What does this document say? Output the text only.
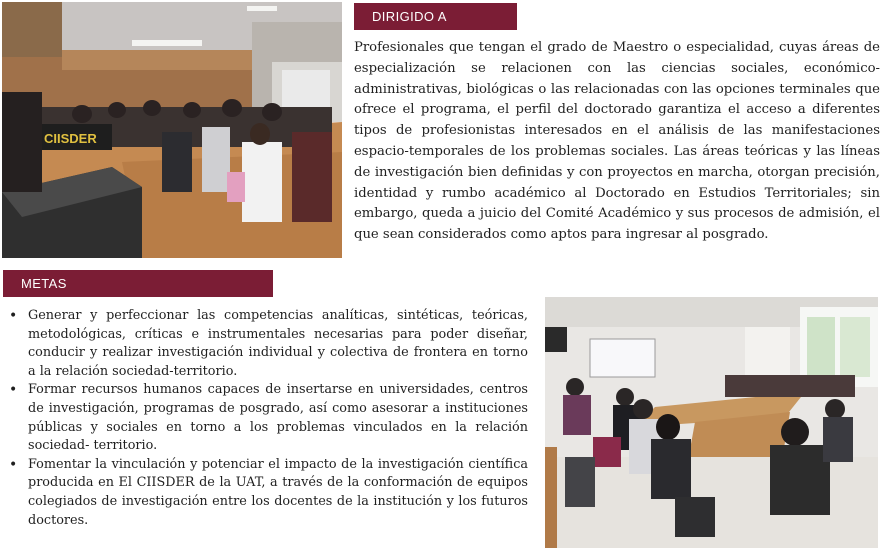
CIISDER
DIRIGIDO A

Profesionales que tengan el grado de Maestro o especialidad, cuyas áreas de especialización se relacionen con las ciencias sociales, económico-administrativas, biológicas o las relacionadas con las opciones terminales que ofrece el programa, el perfil del doctorado garantiza el acceso a diferentes tipos de profesionistas interesados en el análisis de las manifestaciones espacio-temporales de los problemas sociales. Las áreas teóricas y las líneas de investigación bien definidas y con proyectos en marcha, otorgan precisión, identidad y rumbo académico al Doctorado en Estudios Territoriales; sin embargo, queda a juicio del Comité Académico y sus procesos de admisión, el que sean considerados como aptos para ingresar al posgrado.

METAS
• Generar y perfeccionar las competencias analíticas, sintéticas, teóricas, metodológicas, críticas e instrumentales necesarias para poder diseñar, conducir y realizar investigación individual y colectiva de frontera en torno a la relación sociedad-territorio.
• Formar recursos humanos capaces de insertarse en universidades, centros de investigación, programas de posgrado, así como asesorar a instituciones públicas y sociales en torno a los problemas vinculados en la relación sociedad- territorio.
• Fomentar la vinculación y potenciar el impacto de la investigación científica producida en El CIISDER de la UAT, a través de la conformación de equipos colegiados de investigación entre los docentes de la institución y los futuros doctores.
